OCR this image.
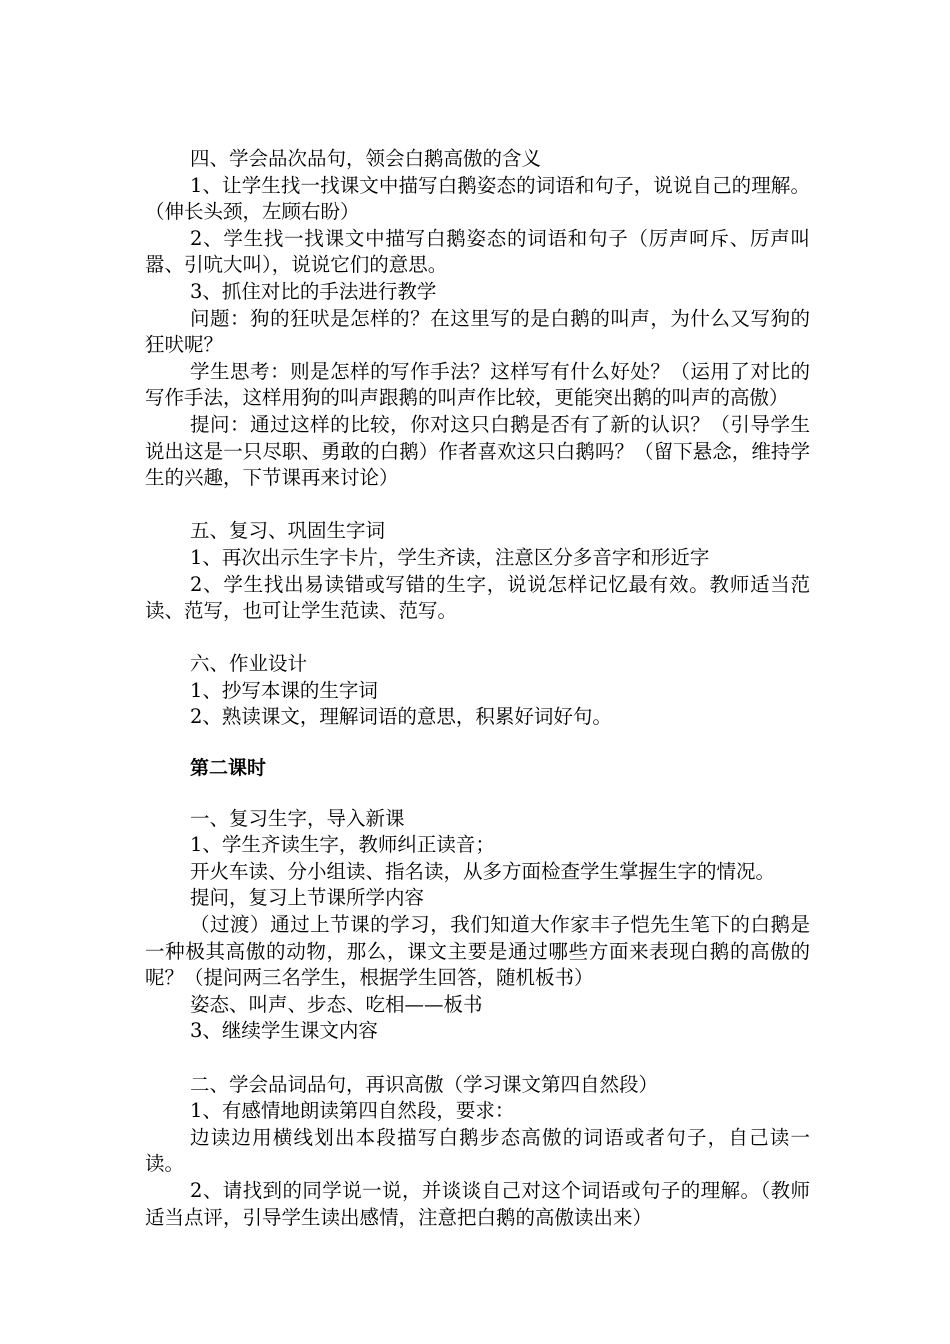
四、学会品次品句，领会白鹅高傲的含义

1、让学生找一找课文中描写白鹅姿态的词语和句子，说说自己的理解。（伸长头颈，左顾右盼）

2、学生找一找课文中描写白鹅姿态的词语和句子（厉声呵斥、厉声叫嚣、引吭大叫），说说它们的意思。

3、抓住对比的手法进行教学

问题：狗的狂吠是怎样的？在这里写的是白鹅的叫声，为什么又写狗的狂吠呢？

学生思考：则是怎样的写作手法？这样写有什么好处？（运用了对比的写作手法，这样用狗的叫声跟鹅的叫声作比较，更能突出鹅的叫声的高傲）

提问：通过这样的比较，你对这只白鹅是否有了新的认识？（引导学生说出这是一只尽职、勇敢的白鹅）作者喜欢这只白鹅吗？（留下悬念，维持学生的兴趣，下节课再来讨论）

五、复习、巩固生字词

1、再次出示生字卡片，学生齐读，注意区分多音字和形近字

2、学生找出易读错或写错的生字，说说怎样记忆最有效。教师适当范读、范写，也可让学生范读、范写。

六、作业设计

1、抄写本课的生字词

2、熟读课文，理解词语的意思，积累好词好句。

第二课时

一、复习生字，导入新课

1、学生齐读生字，教师纠正读音；

开火车读、分小组读、指名读，从多方面检查学生掌握生字的情况。

提问，复习上节课所学内容

（过渡）通过上节课的学习，我们知道大作家丰子恺先生笔下的白鹅是一种极其高傲的动物，那么，课文主要是通过哪些方面来表现白鹅的高傲的呢？（提问两三名学生，根据学生回答，随机板书）

姿态、叫声、步态、吃相——板书

3、继续学生课文内容

二、学会品词品句，再识高傲（学习课文第四自然段）

1、有感情地朗读第四自然段，要求：

边读边用横线划出本段描写白鹅步态高傲的词语或者句子，自己读一读。

2、请找到的同学说一说，并谈谈自己对这个词语或句子的理解。（教师适当点评，引导学生读出感情，注意把白鹅的高傲读出来）
